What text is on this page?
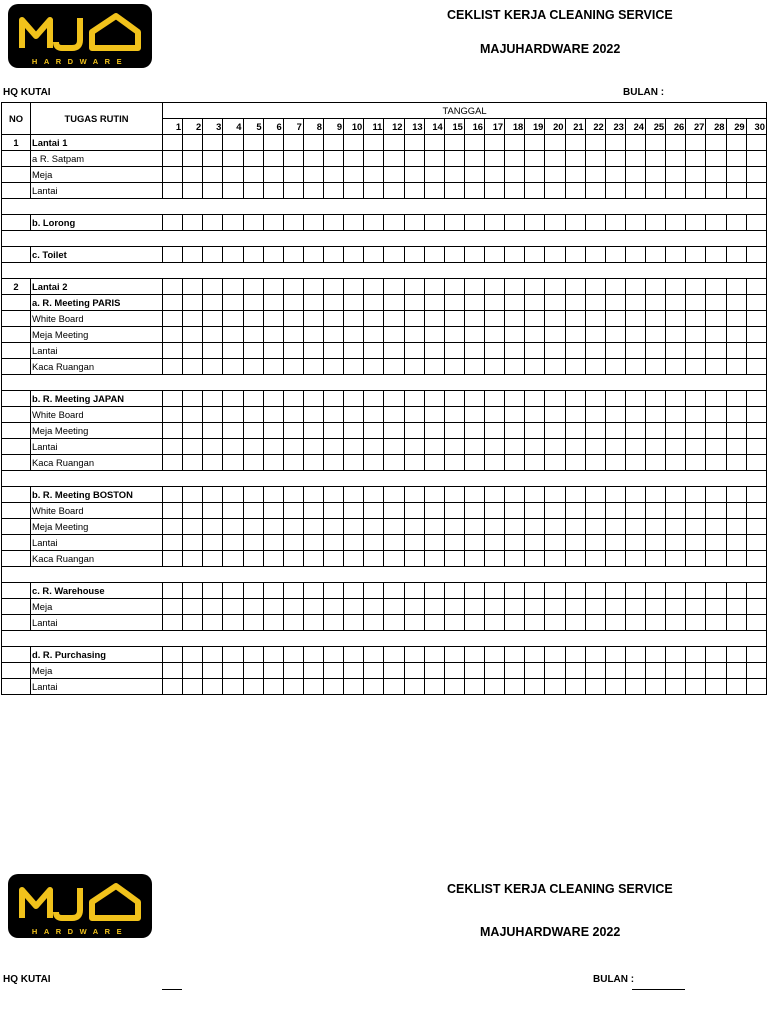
HARDWARE
CEKLIST KERJA CLEANING SERVICE
MAJUHARDWARE 2022
HQ KUTAI	BULAN :
NO	TUGAS RUTIN	TANGGAL																													
		1	2	3	4	5	6	7	8	9	10	11	12	13	14	15	16	17	18	19	20	21	22	23	24	25	26	27	28	29	30
1	Lantai 1																														
	a R. Satpam																														
	Meja																														
	Lantai																														

	b. Lorong																														

	c. Toilet																														

2	Lantai 2																														
	a. R. Meeting PARIS																														
	White Board																														
	Meja Meeting																														
	Lantai																														
	Kaca Ruangan																														

	b. R. Meeting JAPAN																														
	White Board																														
	Meja Meeting																														
	Lantai																														
	Kaca Ruangan																														

	b. R. Meeting BOSTON																														
	White Board																														
	Meja Meeting																														
	Lantai																														
	Kaca Ruangan																														

	c. R. Warehouse																														
	Meja																														
	Lantai																														

	d. R. Purchasing																														
	Meja																														
	Lantai																														
HARDWARE
CEKLIST KERJA CLEANING SERVICE
MAJUHARDWARE 2022
HQ KUTAI	BULAN :
